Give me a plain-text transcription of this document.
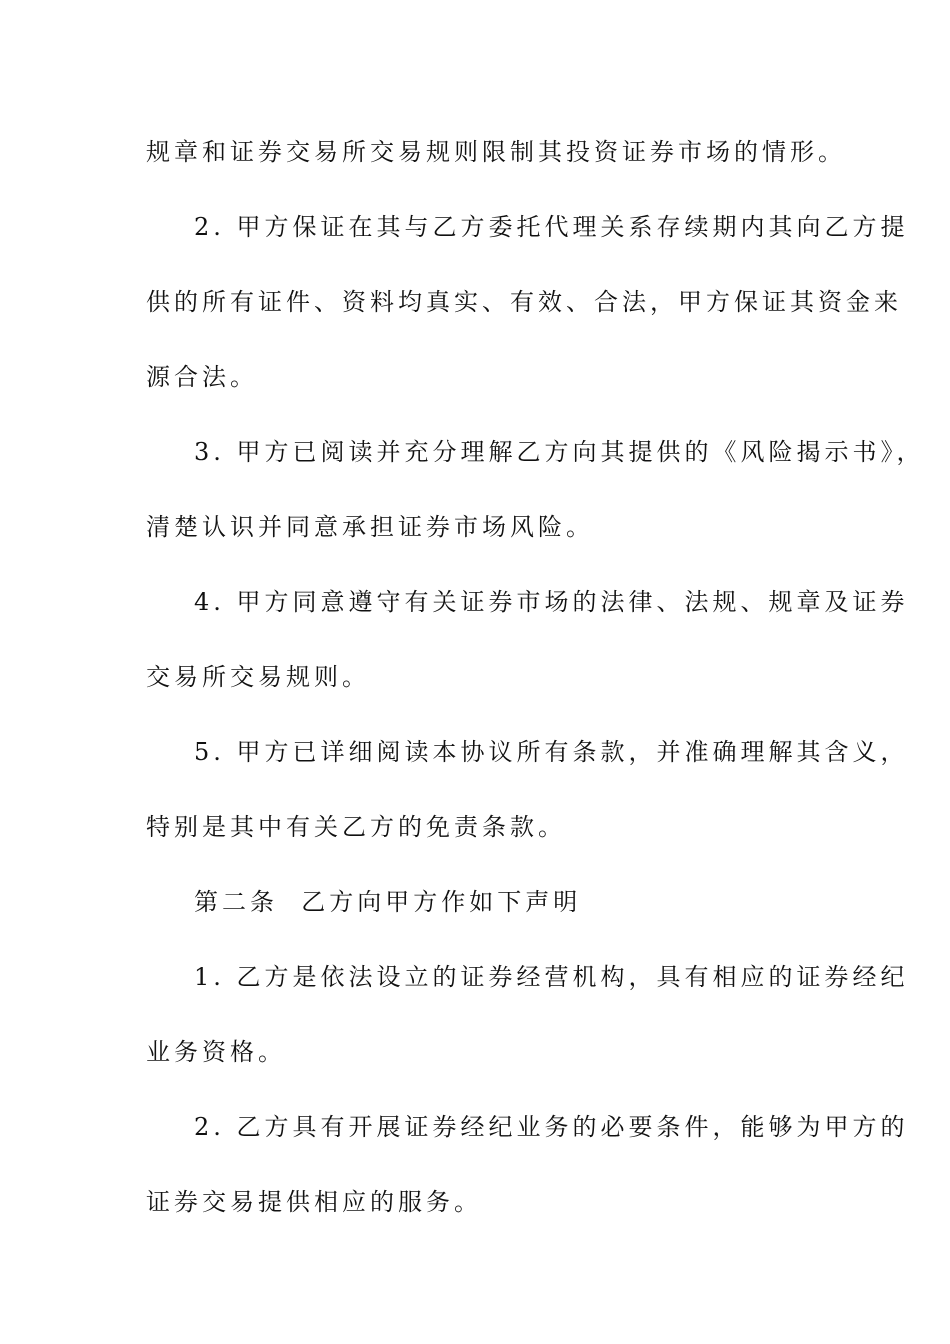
规章和证券交易所交易规则限制其投资证券市场的情形。
2. 甲方保证在其与乙方委托代理关系存续期内其向乙方提
供的所有证件、资料均真实、有效、合法，甲方保证其资金来
源合法。
3. 甲方已阅读并充分理解乙方向其提供的《风险揭示书》，
清楚认识并同意承担证券市场风险。
4. 甲方同意遵守有关证券市场的法律、法规、规章及证券
交易所交易规则。
5. 甲方已详细阅读本协议所有条款，并准确理解其含义，
特别是其中有关乙方的免责条款。
第二条  乙方向甲方作如下声明
1. 乙方是依法设立的证券经营机构，具有相应的证券经纪
业务资格。
2. 乙方具有开展证券经纪业务的必要条件，能够为甲方的
证券交易提供相应的服务。
